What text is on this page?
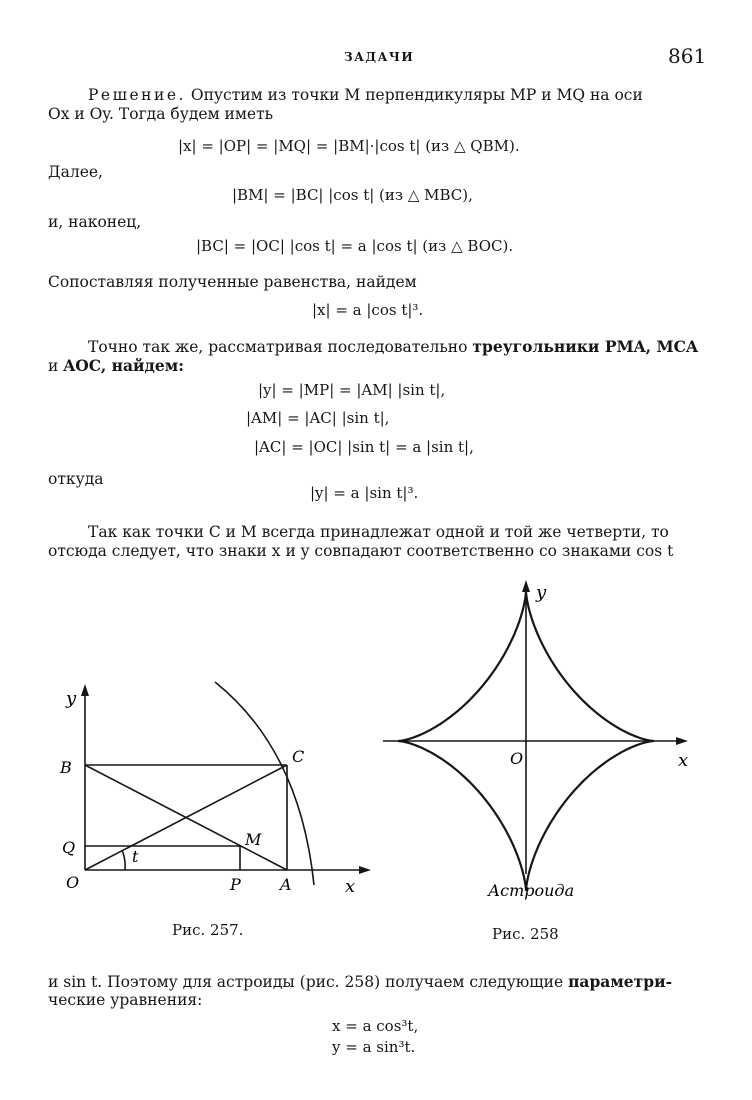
ЗАДАЧИ	861
Решение. Опустим из точки M перпендикуляры MP и MQ на оси
Ox и Oy. Тогда будем иметь
|x| = |OP| = |MQ| = |BM|·|cos t| (из △ QBM).
Далее,
|BM| = |BC| |cos t| (из △ MBC),
и, наконец,
|BC| = |OC| |cos t| = a |cos t| (из △ BOC).
Сопоставляя полученные равенства, найдем
|x| = a |cos t|³.
Точно так же, рассматривая последовательно треугольники PMA, MCA
и AOC, найдем:
|y| = |MP| = |AM| |sin t|,
|AM| = |AC| |sin t|,
|AC| = |OC| |sin t| = a |sin t|,
откуда
|y| = a |sin t|³.
Так как точки C и M всегда принадлежат одной и той же четверти, то
отсюда следует, что знаки x и y совпадают соответственно со знаками cos t
y
x
B
C
Q	M
t
O	P A
Рис. 257.
y
x
O
Астроида
Рис. 258
и sin t. Поэтому для астроиды (рис. 258) получаем следующие параметри-
ческие уравнения:
x = a cos³t,
y = a sin³t.
